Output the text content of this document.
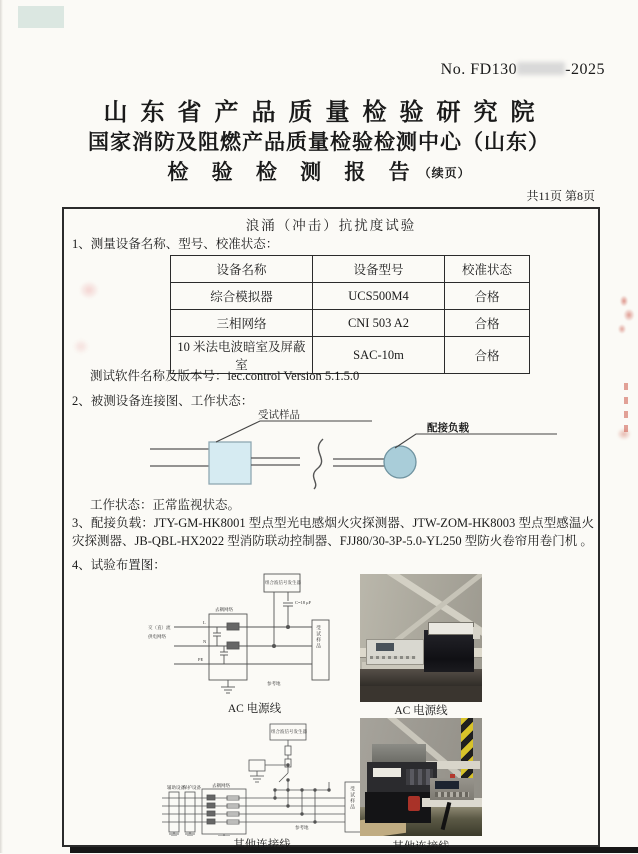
No. FD130	-2025
山东省产品质量检验研究院
国家消防及阻燃产品质量检验检测中心（山东）
检 验 检 测 报 告（续页）
共11页 第8页
浪涌（冲击）抗扰度试验
1、测量设备名称、型号、校准状态：
设备名称	设备型号	校准状态
综合模拟器	UCS500M4	合格
三相网络	CNI 503 A2	合格
10 米法电波暗室及屏蔽室	SAC-10m	合格
测试软件名称及版本号：iec.control Version 5.1.5.0
2、被测设备连接图、工作状态：
受试样品
配接负载
工作状态：正常监视状态。
3、配接负载：JTY-GM-HK8001 型点型光电感烟火灾探测器、JTW-ZOM-HK8003 型点型感温火灾探测器、JB-QBL-HX2022 型消防联动控制器、FJJ80/30-3P-5.0-YL250 型防火卷帘用卷门机 。
4、试验布置图：
组合波信号发生器
C=18 μF
去耦网络
L
N
PE
交（直）流
供电网络
参考地
受试样品
AC 电源线	AC 电源线
组合波信号发生器
辅助设备
保护设备 去耦网络
参考地
受试样品
其他连接线	其他连接线
